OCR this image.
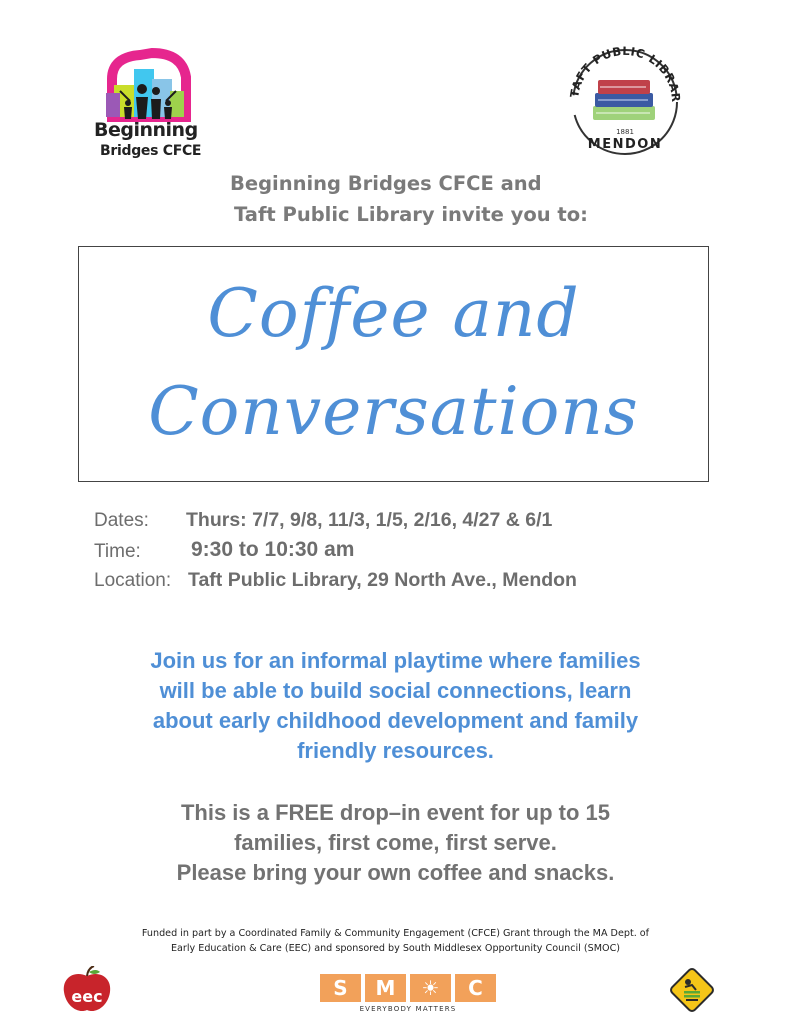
Beginning
Bridges CFCE
TAFT PUBLIC LIBRAR
1881
MENDON
Beginning Bridges CFCE and
Taft Public Library invite you to:
Coffee and
Conversations
Dates: Thurs: 7/7, 9/8, 11/3, 1/5, 2/16, 4/27 & 6/1
Time: 9:30 to 10:30 am
Location: Taft Public Library, 29 North Ave., Mendon
Join us for an informal playtime where families
will be able to build social connections, learn
about early childhood development and family
friendly resources.
This is a FREE drop–in event for up to 15
families, first come, first serve.
Please bring your own coffee and snacks.
Funded in part by a Coordinated Family & Community Engagement (CFCE) Grant through the MA Dept. of
Early Education & Care (EEC) and sponsored by South Middlesex Opportunity Council (SMOC)
eec	S	M	☀	C
EVERYBODY MATTERS
